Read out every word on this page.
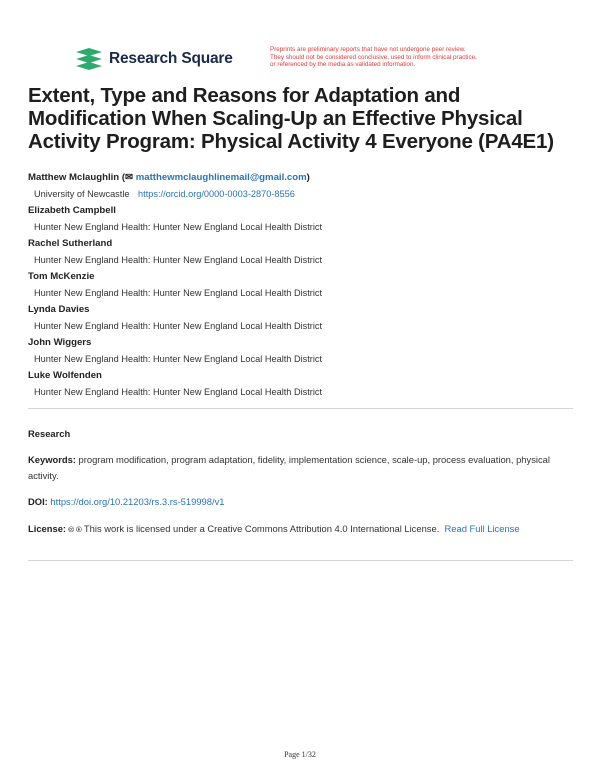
Research Square
Preprints are preliminary reports that have not undergone peer review.
They should not be considered conclusive, used to inform clinical practice,
or referenced by the media as validated information.
Extent, Type and Reasons for Adaptation and Modification When Scaling-Up an Effective Physical Activity Program: Physical Activity 4 Everyone (PA4E1)
Matthew Mclaughlin (✉ matthewmclaughlinemail@gmail.com)
University of Newcastle https://orcid.org/0000-0003-2870-8556
Elizabeth Campbell
Hunter New England Health: Hunter New England Local Health District
Rachel Sutherland
Hunter New England Health: Hunter New England Local Health District
Tom McKenzie
Hunter New England Health: Hunter New England Local Health District
Lynda Davies
Hunter New England Health: Hunter New England Local Health District
John Wiggers
Hunter New England Health: Hunter New England Local Health District
Luke Wolfenden
Hunter New England Health: Hunter New England Local Health District
Research
Keywords: program modification, program adaptation, fidelity, implementation science, scale-up, process evaluation, physical activity.
DOI: https://doi.org/10.21203/rs.3.rs-519998/v1
License: 🅭 🅯 This work is licensed under a Creative Commons Attribution 4.0 International License. Read Full License
Page 1/32
